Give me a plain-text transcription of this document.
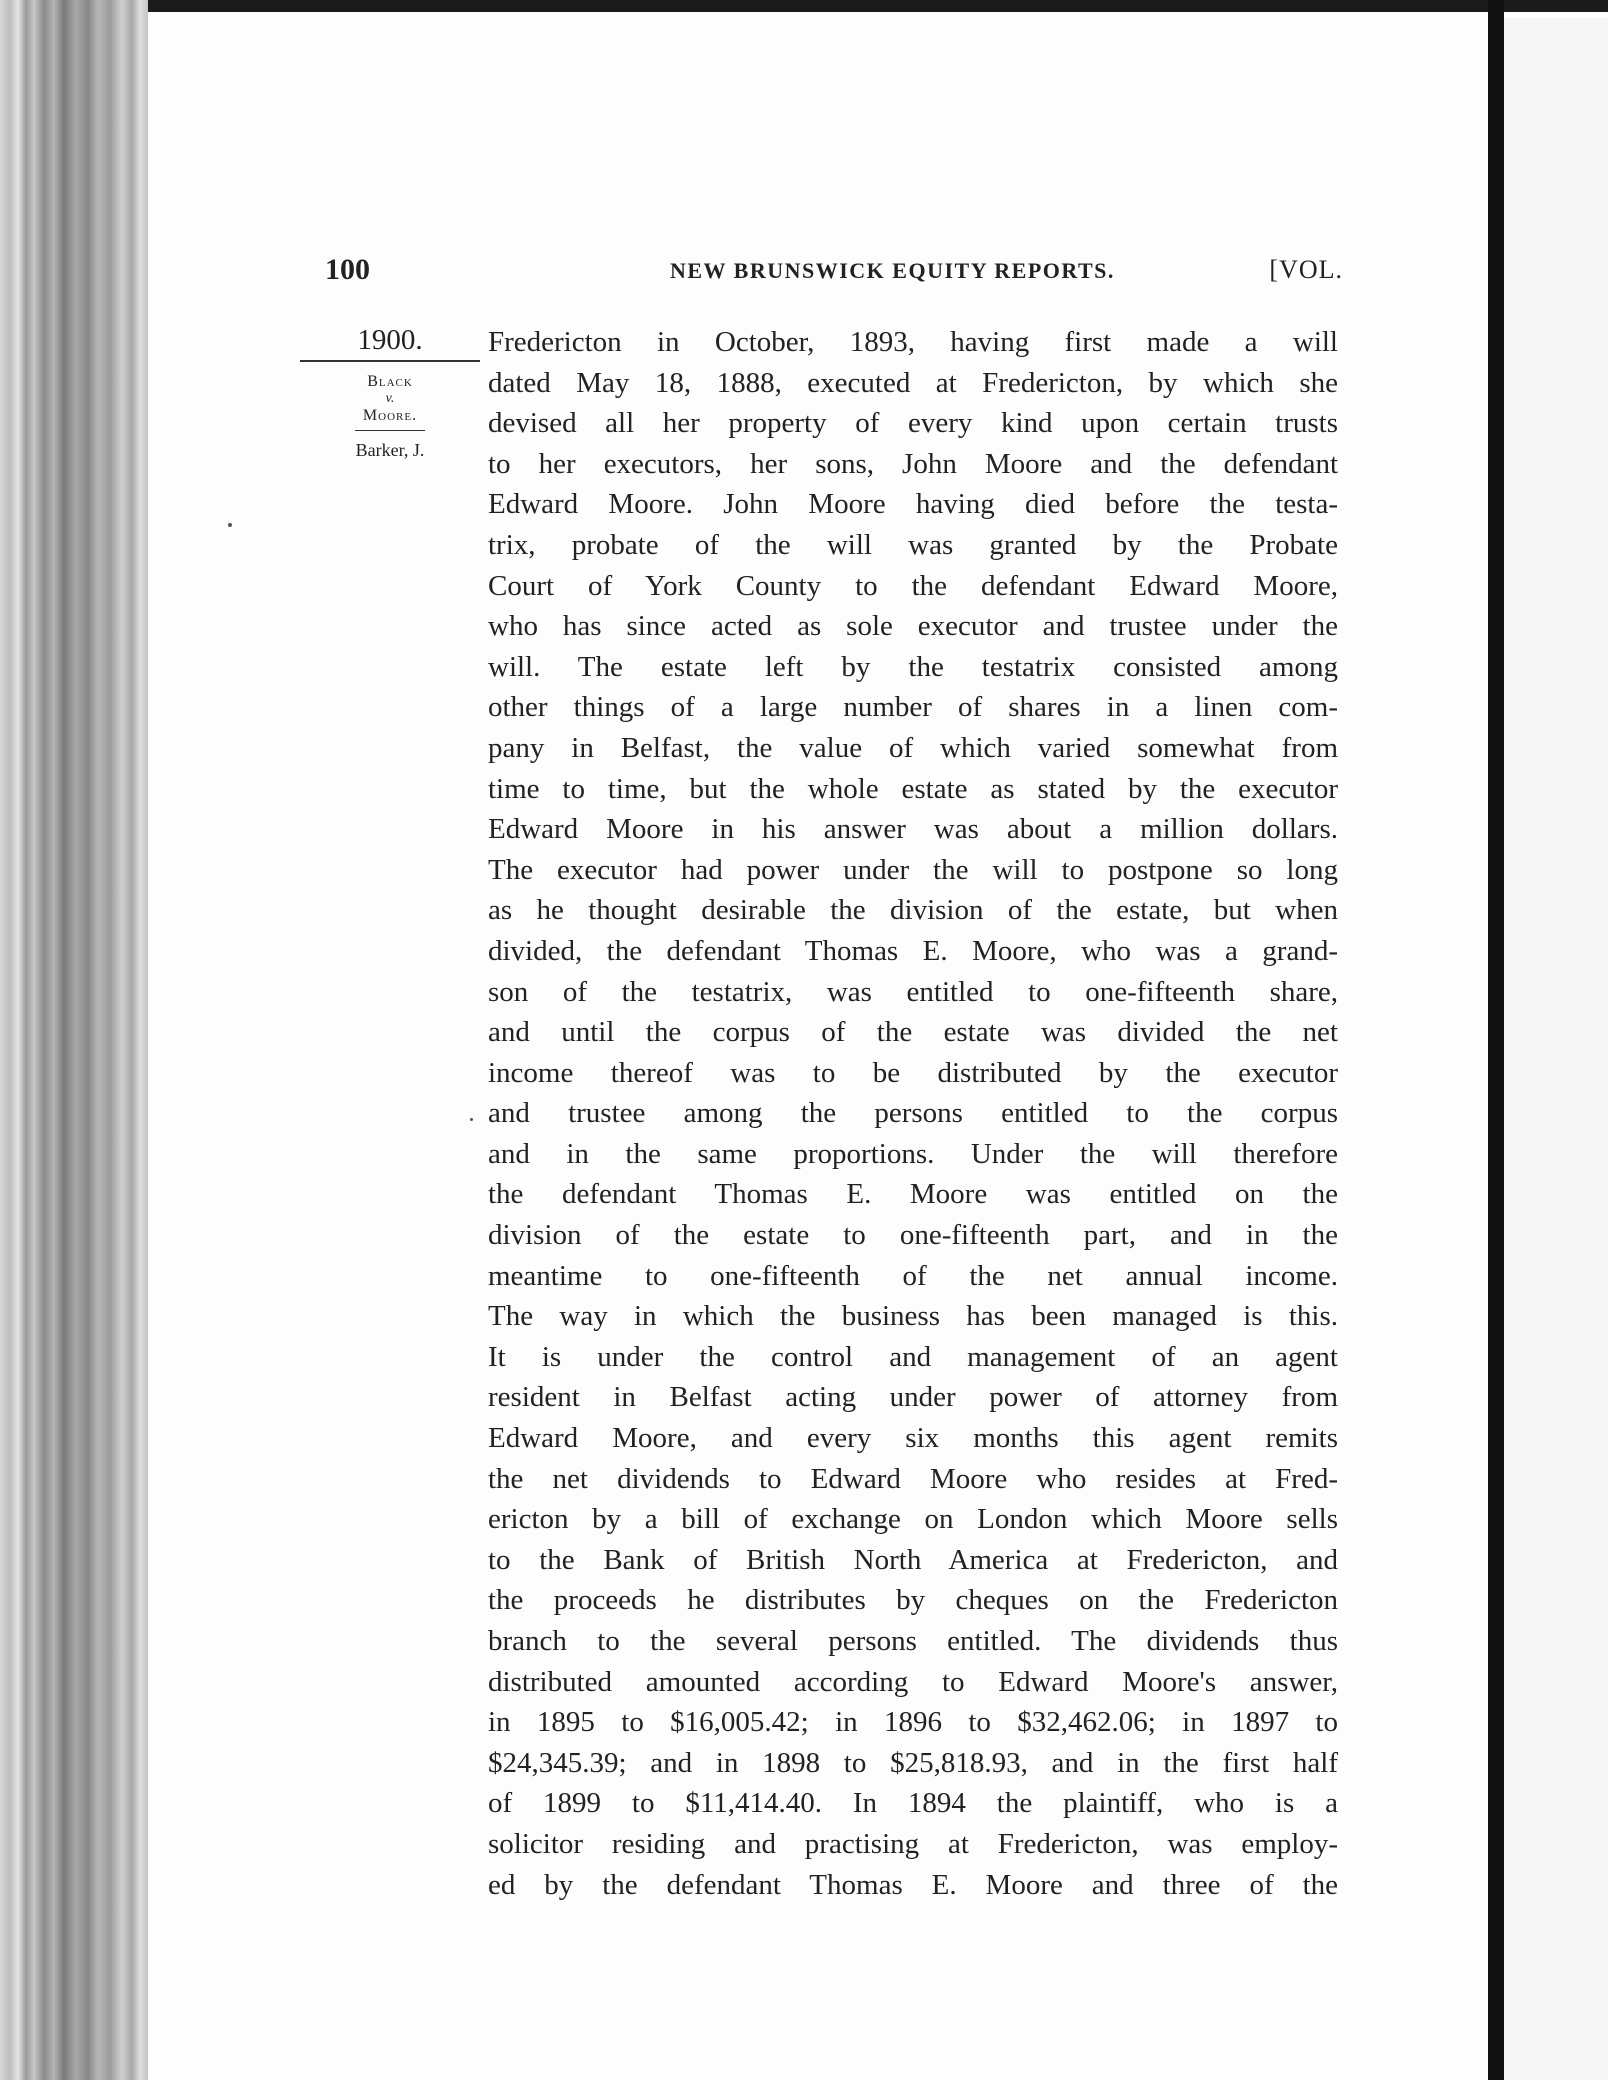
100	NEW BRUNSWICK EQUITY REPORTS.	[VOL.
1900.
Black
v.
Moore.
Barker, J.
Fredericton in October, 1893, having first made a will
dated May 18, 1888, executed at Fredericton, by which she
devised all her property of every kind upon certain trusts
to her executors, her sons, John Moore and the defendant
Edward Moore. John Moore having died before the testa-
trix, probate of the will was granted by the Probate
Court of York County to the defendant Edward Moore,
who has since acted as sole executor and trustee under the
will. The estate left by the testatrix consisted among
other things of a large number of shares in a linen com-
pany in Belfast, the value of which varied somewhat from
time to time, but the whole estate as stated by the executor
Edward Moore in his answer was about a million dollars.
The executor had power under the will to postpone so long
as he thought desirable the division of the estate, but when
divided, the defendant Thomas E. Moore, who was a grand-
son of the testatrix, was entitled to one-fifteenth share,
and until the corpus of the estate was divided the net
income thereof was to be distributed by the executor
and trustee among the persons entitled to the corpus
and in the same proportions. Under the will therefore
the defendant Thomas E. Moore was entitled on the
division of the estate to one-fifteenth part, and in the
meantime to one-fifteenth of the net annual income.
The way in which the business has been managed is this.
It is under the control and management of an agent
resident in Belfast acting under power of attorney from
Edward Moore, and every six months this agent remits
the net dividends to Edward Moore who resides at Fred-
ericton by a bill of exchange on London which Moore sells
to the Bank of British North America at Fredericton, and
the proceeds he distributes by cheques on the Fredericton
branch to the several persons entitled. The dividends thus
distributed amounted according to Edward Moore's answer,
in 1895 to $16,005.42; in 1896 to $32,462.06; in 1897 to
$24,345.39; and in 1898 to $25,818.93, and in the first half
of 1899 to $11,414.40. In 1894 the plaintiff, who is a
solicitor residing and practising at Fredericton, was employ-
ed by the defendant Thomas E. Moore and three of the
